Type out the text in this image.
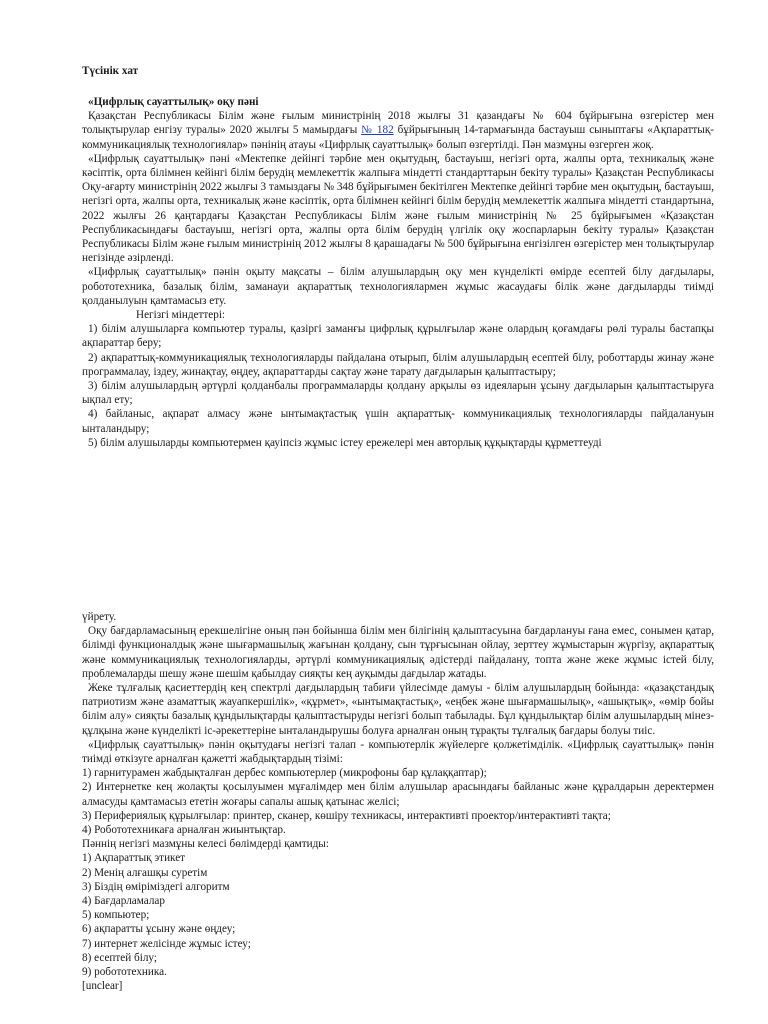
Түсінік хат

«Цифрлық сауаттылық» оқу пәні

Қазақстан Республикасы Білім және ғылым министрінің 2018 жылғы 31 қазандағы № 604 бұйрығына өзгерістер мен толықтырулар енгізу туралы» 2020 жылғы 5 мамырдағы № 182 бұйрығының 14-тармағында бастауыш сыныптағы «Ақпараттық-коммуникациялық технологиялар» пәнінің атауы «Цифрлық сауаттылық» болып өзгертілді. Пән мазмұны өзгерген жоқ.

«Цифрлық сауаттылық» пәні «Мектепке дейінгі тәрбие мен оқытудың, бастауыш, негізгі орта, жалпы орта, техникалық және кәсіптік, орта білімнен кейінгі білім берудің мемлекеттік жалпыға міндетті стандарттарын бекіту туралы» Қазақстан Республикасы Оқу-ағарту министрінің 2022 жылғы 3 тамыздағы № 348 бұйрығымен бекітілген Мектепке дейінгі тәрбие мен оқытудың, бастауыш, негізгі орта, жалпы орта, техникалық және кәсіптік, орта білімнен кейінгі білім берудің мемлекеттік жалпыға міндетті стандартына, 2022 жылғы 26 қаңтардағы Қазақстан Республикасы Білім және ғылым министрінің № 25 бұйрығымен «Қазақстан Республикасындағы бастауыш, негізгі орта, жалпы орта білім берудің үлгілік оқу жоспарларын бекіту туралы» Қазақстан Республикасы Білім және ғылым министрінің 2012 жылғы 8 қарашадағы № 500 бұйрығына енгізілген өзгерістер мен толықтырулар негізінде әзірленді.

«Цифрлық сауаттылық» пәнін оқыту мақсаты – білім алушылардың оқу мен күнделікті өмірде есептей білу дағдылары, робототехника, базалық білім, заманауи ақпараттық технологиялармен жұмыс жасаудағы білік және дағдыларды тиімді қолданылуын қамтамасыз ету.

Негізгі міндеттері:

1) білім алушыларға компьютер туралы, қазіргі заманғы цифрлық құрылғылар және олардың қоғамдағы рөлі туралы бастапқы ақпараттар беру;

2) ақпараттық-коммуникациялық технологияларды пайдалана отырып, білім алушылардың есептей білу, роботтарды жинау және программалау, іздеу, жинақтау, өңдеу, ақпараттарды сақтау және тарату дағдыларын қалыптастыру;

3) білім алушылардың әртүрлі қолданбалы программаларды қолдану арқылы өз идеяларын ұсыну дағдыларын қалыптастыруға ықпал ету;

4) байланыс, ақпарат алмасу және ынтымақтастық үшін ақпараттық- коммуникациялық технологияларды пайдалануын ынталандыру;

5) білім алушыларды компьютермен қауіпсіз жұмыс істеу ережелері мен авторлық құқықтарды құрметтеуді

үйрету.

Оқу бағдарламасының ерекшелігіне оның пән бойынша білім мен білігінің қалыптасуына бағдарлануы ғана емес, сонымен қатар, білімді функционалдық және шығармашылық жағынан қолдану, сын тұрғысынан ойлау, зерттеу жұмыстарын жүргізу, ақпараттық және коммуникациялық технологияларды, әртүрлі коммуникациялық әдістерді пайдалану, топта және жеке жұмыс істей білу, проблемаларды шешу және шешім қабылдау сияқты кең ауқымды дағдылар жатады.

Жеке тұлғалық қасиеттердің кең спектрлі дағдылардың табиғи үйлесімде дамуы - білім алушылардың бойында: «қазақстандық патриотизм және азаматтық жауапкершілік», «құрмет», «ынтымақтастық», «еңбек және шығармашылық», «ашықтық», «өмір бойы білім алу» сияқты базалық құндылықтарды қалыптастыруды негізгі болып табылады. Бұл құндылықтар білім алушылардың мінез-құлқына және күнделікті іс-әрекеттеріне ынталандырушы болуға арналған оның тұрақты тұлғалық бағдары болуы тиіс.

«Цифрлық сауаттылық» пәнін оқытудағы негізгі талап - компьютерлік жүйелерге қолжетімділік. «Цифрлық сауаттылық» пәнін тиімді өткізуге арналған қажетті жабдықтардың тізімі:

1) гарнитурамен жабдықталған дербес компьютерлер (микрофоны бар құлаққаптар);

2) Интернетке кең жолақты қосылуымен мұғалімдер мен білім алушылар арасындағы байланыс және құралдарын деректермен алмасуды қамтамасыз ететін жоғары сапалы ашық қатынас желісі;

3) Перифериялық құрылғылар: принтер, сканер, көшіру техникасы, интерактивті проектор/интерактивті тақта;

4) Робототехникаға арналған жиынтықтар.

Пәннің негізгі мазмұны келесі бөлімдерді қамтиды:

1) Ақпараттық этикет

2) Менің алғашқы суретім

3) Біздің өміріміздегі алгоритм

4) Бағдарламалар

5) компьютер;

6) ақпаратты ұсыну және өңдеу;

7) интернет желісінде жұмыс істеу;

8) есептей білу;

9) робототехника.

[unclear]
